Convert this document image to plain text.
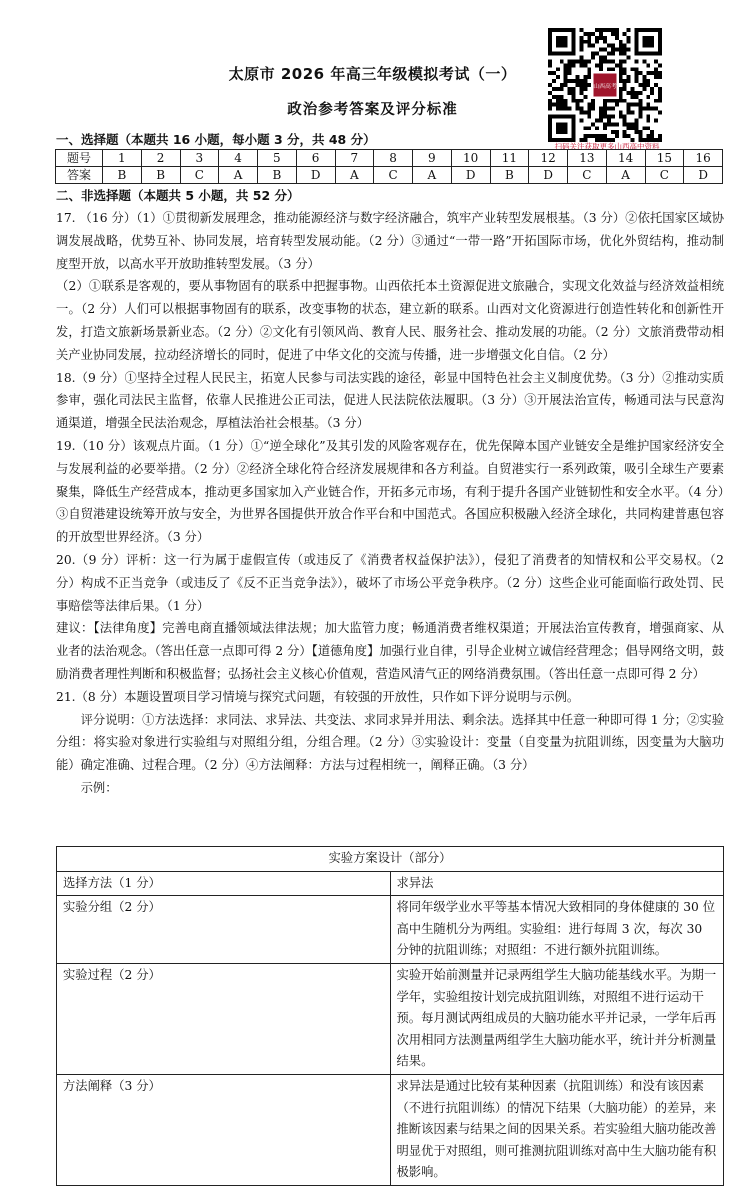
太原市 2026 年高三年级模拟考试（一）
政治参考答案及评分标准
山西高考
扫码关注获取更多山西高中资料
一、选择题（本题共 16 小题，每小题 3 分，共 48 分）
题号	1	2	3	4	5	6	7	8	9	10	11	12	13	14	15	16
答案	B	B	C	A	B	D	A	C	A	D	B	D	C	A	C	D
二、非选择题（本题共 5 小题，共 52 分）

17. （16 分）（1）①贯彻新发展理念，推动能源经济与数字经济融合，筑牢产业转型发展根基。（3 分）②依托国家区域协调发展战略，优势互补、协同发展，培育转型发展动能。（2 分）③通过“一带一路”开拓国际市场，优化外贸结构，推动制度型开放，以高水平开放助推转型发展。（3 分）

（2）①联系是客观的，要从事物固有的联系中把握事物。山西依托本土资源促进文旅融合，实现文化效益与经济效益相统一。（2 分）人们可以根据事物固有的联系，改变事物的状态，建立新的联系。山西对文化资源进行创造性转化和创新性开发，打造文旅新场景新业态。（2 分）②文化有引领风尚、教育人民、服务社会、推动发展的功能。（2 分）文旅消费带动相关产业协同发展，拉动经济增长的同时，促进了中华文化的交流与传播，进一步增强文化自信。（2 分）

18.（9 分）①坚持全过程人民民主，拓宽人民参与司法实践的途径，彰显中国特色社会主义制度优势。（3 分）②推动实质参审，强化司法民主监督，依靠人民推进公正司法，促进人民法院依法履职。（3 分）③开展法治宣传，畅通司法与民意沟通渠道，增强全民法治观念，厚植法治社会根基。（3 分）

19.（10 分）该观点片面。（1 分）①“逆全球化”及其引发的风险客观存在，优先保障本国产业链安全是维护国家经济安全与发展利益的必要举措。（2 分）②经济全球化符合经济发展规律和各方利益。自贸港实行一系列政策，吸引全球生产要素聚集，降低生产经营成本，推动更多国家加入产业链合作，开拓多元市场，有利于提升各国产业链韧性和安全水平。（4 分）③自贸港建设统筹开放与安全，为世界各国提供开放合作平台和中国范式。各国应积极融入经济全球化，共同构建普惠包容的开放型世界经济。（3 分）

20.（9 分）评析：这一行为属于虚假宣传（或违反了《消费者权益保护法》），侵犯了消费者的知情权和公平交易权。（2 分）构成不正当竞争（或违反了《反不正当竞争法》），破坏了市场公平竞争秩序。（2 分）这些企业可能面临行政处罚、民事赔偿等法律后果。（1 分）

建议：【法律角度】完善电商直播领域法律法规；加大监管力度；畅通消费者维权渠道；开展法治宣传教育，增强商家、从业者的法治观念。（答出任意一点即可得 2 分）【道德角度】加强行业自律，引导企业树立诚信经营理念；倡导网络文明，鼓励消费者理性判断和积极监督；弘扬社会主义核心价值观，营造风清气正的网络消费氛围。（答出任意一点即可得 2 分）

21.（8 分）本题设置项目学习情境与探究式问题，有较强的开放性，只作如下评分说明与示例。

评分说明：①方法选择：求同法、求异法、共变法、求同求异并用法、剩余法。选择其中任意一种即可得 1 分；②实验分组：将实验对象进行实验组与对照组分组，分组合理。（2 分）③实验设计：变量（自变量为抗阻训练，因变量为大脑功能）确定准确、过程合理。（2 分）④方法阐释：方法与过程相统一，阐释正确。（3 分）

示例：

实验方案设计（部分）	
选择方法（1 分）	求异法
实验分组（2 分）	将同年级学业水平等基本情况大致相同的身体健康的 30 位高中生随机分为两组。实验组：进行每周 3 次，每次 30 分钟的抗阻训练；对照组：不进行额外抗阻训练。
实验过程（2 分）	实验开始前测量并记录两组学生大脑功能基线水平。为期一学年，实验组按计划完成抗阻训练，对照组不进行运动干预。每月测试两组成员的大脑功能水平并记录，一学年后再次用相同方法测量两组学生大脑功能水平，统计并分析测量结果。
方法阐释（3 分）	求异法是通过比较有某种因素（抗阻训练）和没有该因素（不进行抗阻训练）的情况下结果（大脑功能）的差异，来推断该因素与结果之间的因果关系。若实验组大脑功能改善明显优于对照组，则可推测抗阻训练对高中生大脑功能有积极影响。
